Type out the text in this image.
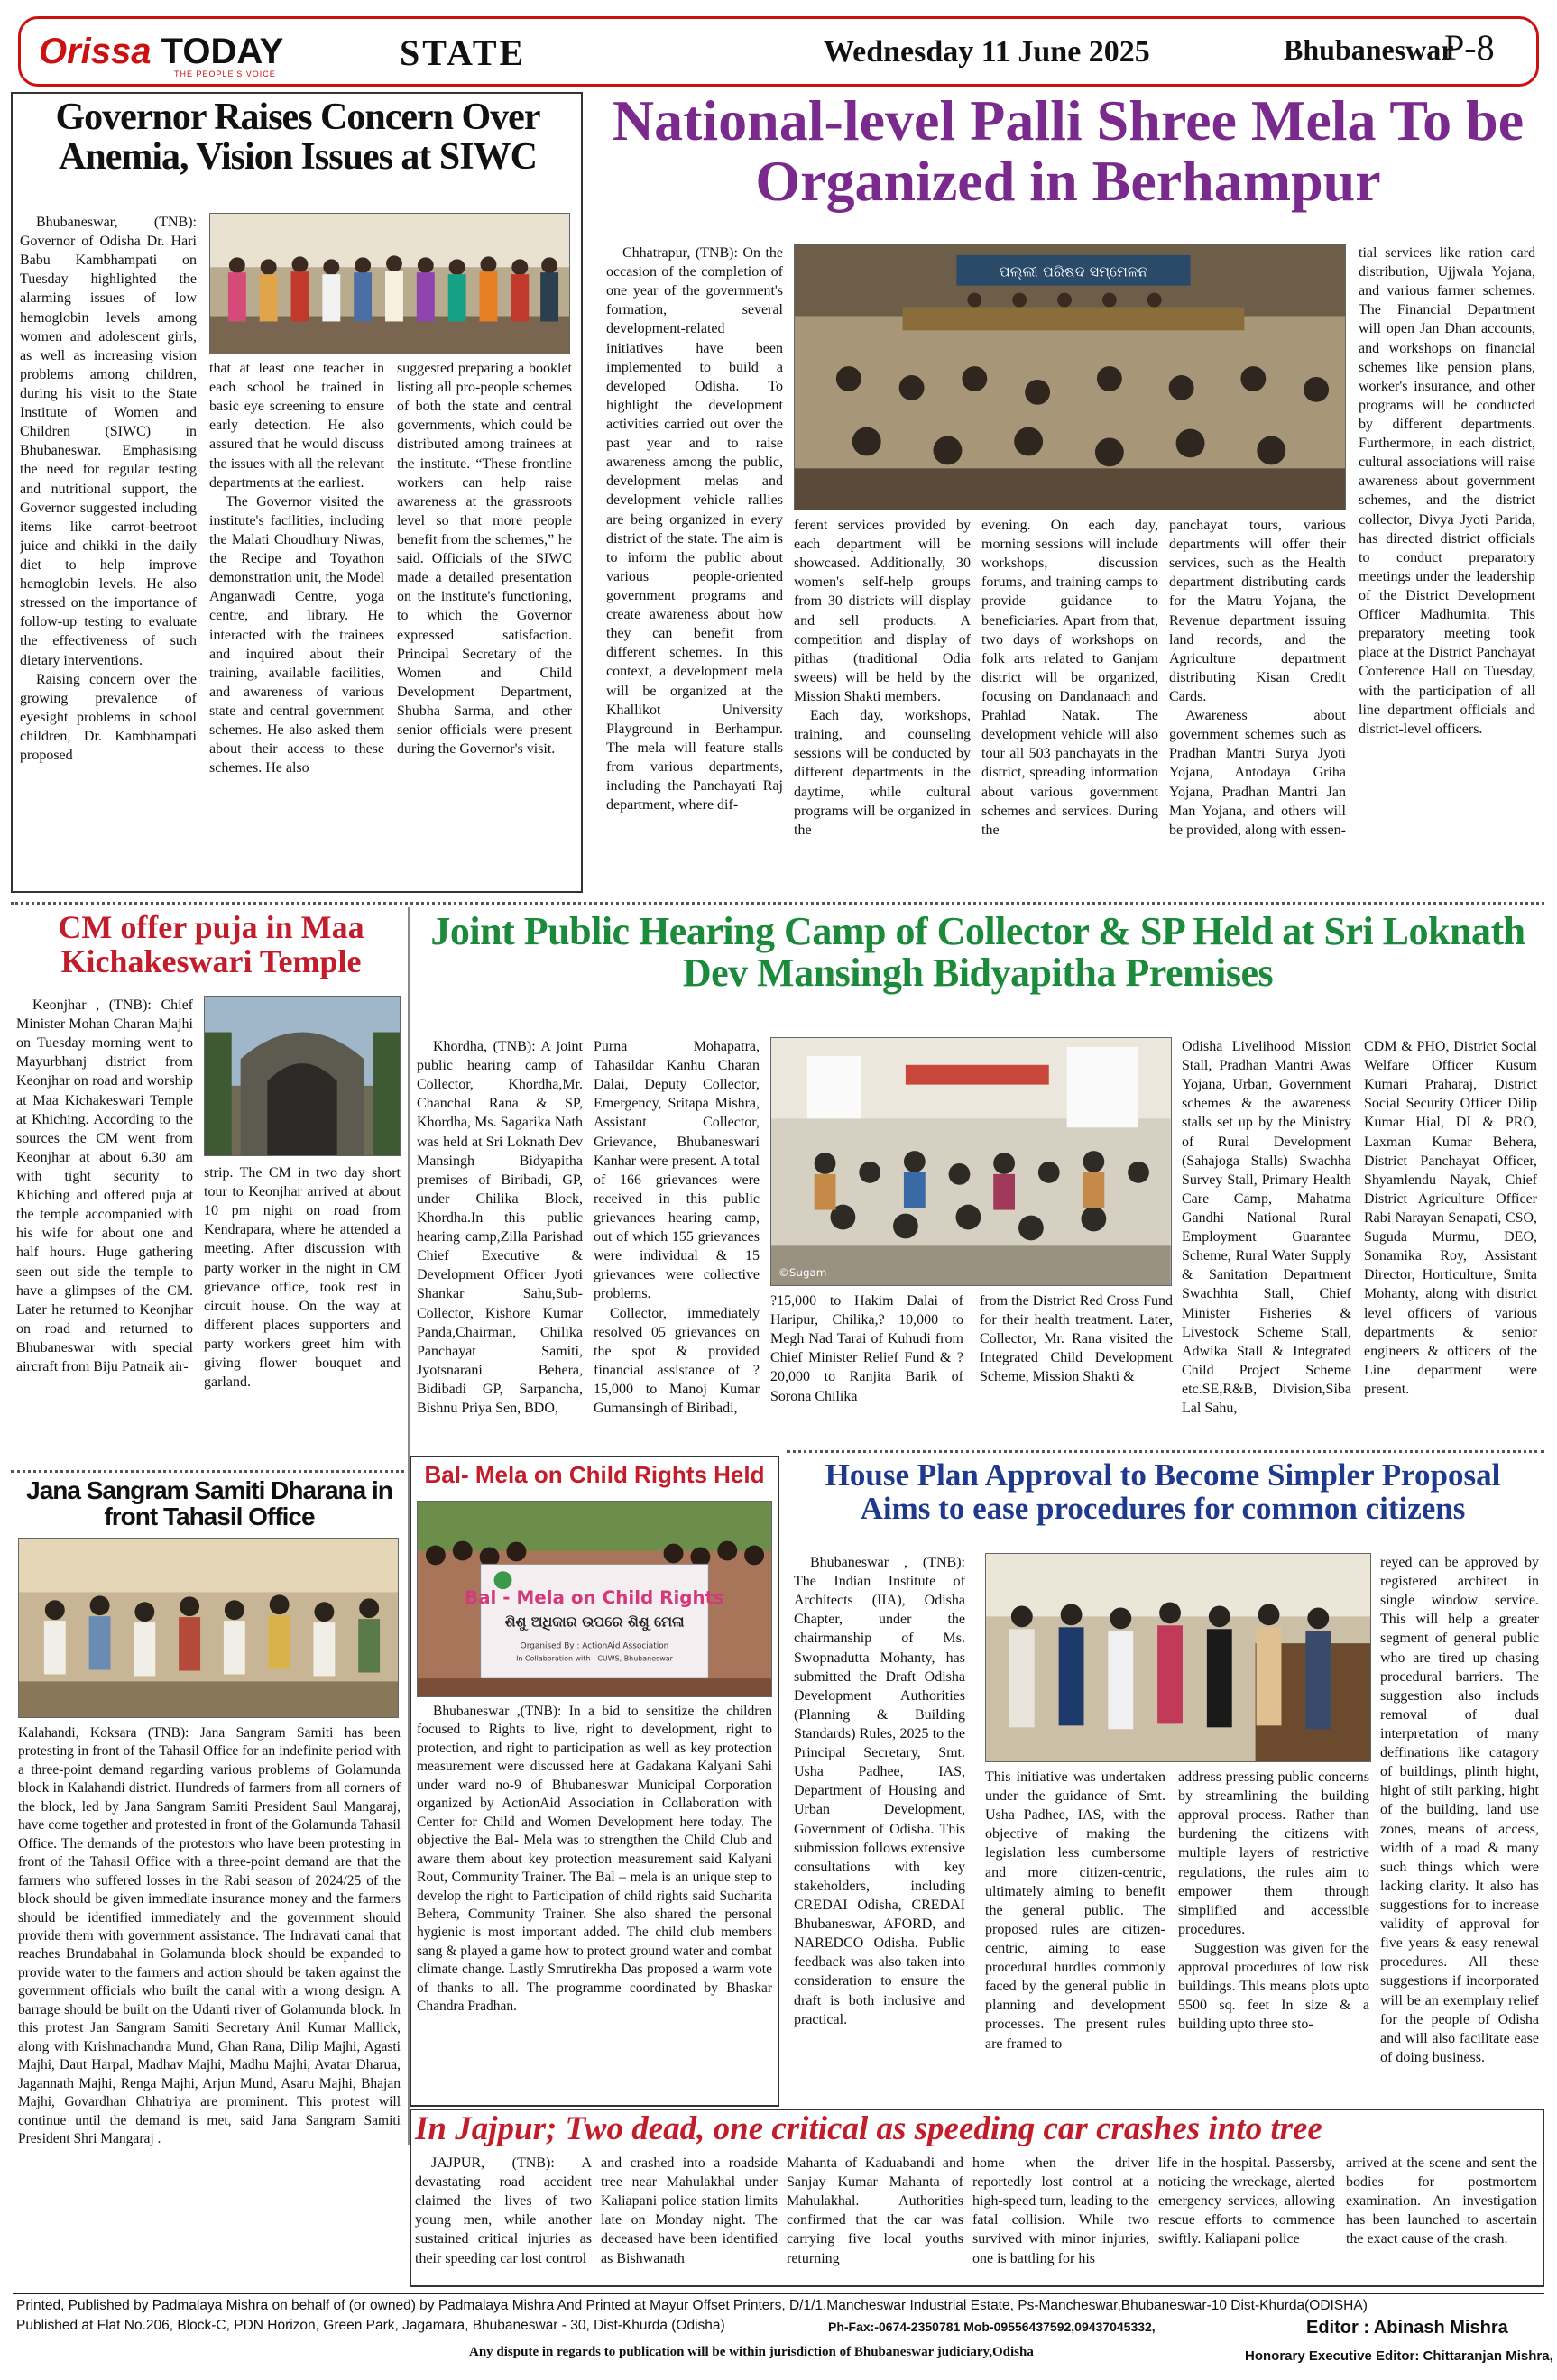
Orissa TODAY
THE PEOPLE'S VOICE
STATE	Wednesday 11 June 2025	Bhubaneswar
P-8
Governor Raises Concern Over Anemia, Vision Issues at SIWC

Bhubaneswar, (TNB): Governor of Odisha Dr. Hari Babu Kambhampati on Tuesday highlighted the alarming issues of low hemoglobin levels among women and adolescent girls, as well as increasing vision problems among children, during his visit to the State Institute of Women and Children (SIWC) in Bhubaneswar. Emphasising the need for regular testing and nutritional support, the Governor suggested including items like carrot-beetroot juice and chikki in the daily diet to help improve hemoglobin levels. He also stressed on the importance of follow-up testing to evaluate the effectiveness of such dietary interventions.

Raising concern over the growing prevalence of eyesight problems in school children, Dr. Kambhampati proposed

that at least one teacher in each school be trained in basic eye screening to ensure early detection. He also assured that he would discuss the issues with all the relevant departments at the earliest.

The Governor visited the institute's facilities, including the Malati Choudhury Niwas, the Recipe and Toyathon demonstration unit, the Model Anganwadi Centre, yoga centre, and library. He interacted with the trainees and inquired about their training, available facilities, and awareness of various state and central government schemes. He also asked them about their access to these schemes. He also

suggested preparing a booklet listing all pro-people schemes of both the state and central governments, which could be distributed among trainees at the institute. “These frontline workers can help raise awareness at the grassroots level so that more people benefit from the schemes,” he said. Officials of the SIWC made a detailed presentation on the institute's functioning, to which the Governor expressed satisfaction. Principal Secretary of the Women and Child Development Department, Shubha Sarma, and other senior officials were present during the Governor's visit.

National-level Palli Shree Mela To be Organized in Berhampur

Chhatrapur, (TNB): On the occasion of the completion of one year of the government's formation, several development-related initiatives have been implemented to build a developed Odisha. To highlight the development activities carried out over the past year and to raise awareness among the public, development melas and development vehicle rallies are being organized in every district of the state. The aim is to inform the public about various people-oriented government programs and create awareness about how they can benefit from different schemes. In this context, a development mela will be organized at the Khallikot University Playground in Berhampur. The mela will feature stalls from various departments, including the Panchayati Raj department, where dif-

ପଲ୍ଲୀ ପରିଷଦ ସମ୍ମେଳନ

ferent services provided by each department will be showcased. Additionally, 30 women's self-help groups from 30 districts will display and sell products. A competition and display of pithas (traditional Odia sweets) will be held by the Mission Shakti members.

Each day, workshops, training, and counseling sessions will be conducted by different departments in the daytime, while cultural programs will be organized in the

evening. On each day, morning sessions will include workshops, discussion forums, and training camps to provide guidance to beneficiaries. Apart from that, two days of workshops on folk arts related to Ganjam district will be organized, focusing on Dandanaach and Prahlad Natak. The development vehicle will also tour all 503 panchayats in the district, spreading information about various government schemes and services. During the

panchayat tours, various departments will offer their services, such as the Health department distributing cards for the Matru Yojana, the Revenue department issuing land records, and the Agriculture department distributing Kisan Credit Cards.

Awareness about government schemes such as Pradhan Mantri Surya Jyoti Yojana, Antodaya Griha Yojana, Pradhan Mantri Jan Man Yojana, and others will be provided, along with essen-

tial services like ration card distribution, Ujjwala Yojana, and various farmer schemes. The Financial Department will open Jan Dhan accounts, and workshops on financial schemes like pension plans, worker's insurance, and other programs will be conducted by different departments. Furthermore, in each district, cultural associations will raise awareness about government schemes, and the district collector, Divya Jyoti Parida, has directed district officials to conduct preparatory meetings under the leadership of the District Development Officer Madhumita. This preparatory meeting took place at the District Panchayat Conference Hall on Tuesday, with the participation of all line department officials and district-level officers.

CM offer puja in Maa Kichakeswari Temple

Keonjhar , (TNB): Chief Minister Mohan Charan Majhi on Tuesday morning went to Mayurbhanj district from Keonjhar on road and worship at Maa Kichakeswari Temple at Khiching. According to the sources the CM went from Keonjhar at about 6.30 am with tight security to Khiching and offered puja at the temple accompanied with his wife for about one and half hours. Huge gathering seen out side the temple to have a glimpses of the CM. Later he returned to Keonjhar on road and returned to Bhubaneswar with special aircraft from Biju Patnaik air-

strip. The CM in two day short tour to Keonjhar arrived at about 10 pm night on road from Kendrapara, where he attended a meeting. After discussion with party worker in the night in CM grievance office, took rest in circuit house. On the way at different places supporters and party workers greet him with giving flower bouquet and garland.

Jana Sangram Samiti Dharana in front Tahasil Office

Kalahandi, Koksara (TNB): Jana Sangram Samiti has been protesting in front of the Tahasil Office for an indefinite period with a three-point demand regarding various problems of Golamunda block in Kalahandi district. Hundreds of farmers from all corners of the block, led by Jana Sangram Samiti President Saul Mangaraj, have come together and protested in front of the Golamunda Tahasil Office. The demands of the protestors who have been protesting in front of the Tahasil Office with a three-point demand are that the farmers who suffered losses in the Rabi season of 2024/25 of the block should be given immediate insurance money and the farmers should be identified immediately and the government should provide them with government assistance. The Indravati canal that reaches Brundabahal in Golamunda block should be expanded to provide water to the farmers and action should be taken against the government officials who built the canal with a wrong design. A barrage should be built on the Udanti river of Golamunda block. In this protest Jan Sangram Samiti Secretary Anil Kumar Mallick, along with Krishnachandra Mund, Ghan Rana, Dilip Majhi, Agasti Majhi, Daut Harpal, Madhav Majhi, Madhu Majhi, Avatar Dharua, Jagannath Majhi, Renga Majhi, Arjun Mund, Asaru Majhi, Bhajan Majhi, Govardhan Chhatriya are prominent. This protest will continue until the demand is met, said Jana Sangram Samiti President Shri Mangaraj .

Joint Public Hearing Camp of Collector & SP Held at Sri Loknath Dev Mansingh Bidyapitha Premises

Khordha, (TNB): A joint public hearing camp of Collector, Khordha,Mr. Chanchal Rana & SP, Khordha, Ms. Sagarika Nath was held at Sri Loknath Dev Mansingh Bidyapitha premises of Biribadi, GP, under Chilika Block, Khordha.In this public hearing camp,Zilla Parishad Chief Executive & Development Officer Jyoti Shankar Sahu,Sub-Collector, Kishore Kumar Panda,Chairman, Chilika Panchayat Samiti, Jyotsnarani Behera, Bidibadi GP, Sarpancha, Bishnu Priya Sen, BDO,

Purna Mohapatra, Tahasildar Kanhu Charan Dalai, Deputy Collector, Emergency, Sritapa Mishra, Assistant Collector, Grievance, Bhubaneswari Kanhar were present. A total of 166 grievances were received in this public grievances hearing camp, out of which 155 grievances were individual & 15 grievances were collective problems.

Collector, immediately resolved 05 grievances on the spot & provided financial assistance of ?15,000 to Manoj Kumar Gumansingh of Biribadi,

©Sugam

?15,000 to Hakim Dalai of Haripur, Chilika,? 10,000 to Megh Nad Tarai of Kuhudi from Chief Minister Relief Fund & ?20,000 to Ranjita Barik of Sorona Chilika

from the District Red Cross Fund for their health treatment. Later, Collector, Mr. Rana visited the Integrated Child Development Scheme, Mission Shakti &

Odisha Livelihood Mission Stall, Pradhan Mantri Awas Yojana, Urban, Government schemes & the awareness stalls set up by the Ministry of Rural Development (Sahajoga Stalls) Swachha Survey Stall, Primary Health Care Camp, Mahatma Gandhi National Rural Employment Guarantee Scheme, Rural Water Supply & Sanitation Department Swachhta Stall, Chief Minister Fisheries & Livestock Scheme Stall, Adwika Stall & Integrated Child Project Scheme etc.SE,R&B, Division,Siba Lal Sahu,

CDM & PHO, District Social Welfare Officer Kusum Kumari Praharaj, District Social Security Officer Dilip Kumar Hial, DI & PRO, Laxman Kumar Behera, District Panchayat Officer, Shyamlendu Nayak, Chief District Agriculture Officer Rabi Narayan Senapati, CSO, Suguda Murmu, DEO, Sonamika Roy, Assistant Director, Horticulture, Smita Mohanty, along with district level officers of various departments & senior engineers & officers of the Line department were present.

Bal- Mela on Child Rights Held
Bal - Mela on Child Rights
ଶିଶୁ ଅଧିକାର ଉପରେ ଶିଶୁ ମେଳା
Organised By : ActionAid Association
In Collaboration with - CUWS, Bhubaneswar

Bhubaneswar ,(TNB): In a bid to sensitize the children focused to Rights to live, right to development, right to protection, and right to participation as well as key protection measurement were discussed here at Gadakana Kalyani Sahi under ward no-9 of Bhubaneswar Municipal Corporation organized by ActionAid Association in Collaboration with Center for Child and Women Development here today. The objective the Bal- Mela was to strengthen the Child Club and aware them about key protection measurement said Kalyani Rout, Community Trainer. The Bal – mela is an unique step to develop the right to Participation of child rights said Sucharita Behera, Community Trainer. She also shared the personal hygienic is most important added. The child club members sang & played a game how to protect ground water and combat climate change. Lastly Smrutirekha Das proposed a warm vote of thanks to all. The programme coordinated by Bhaskar Chandra Pradhan.

House Plan Approval to Become Simpler Proposal Aims to ease procedures for common citizens

Bhubaneswar , (TNB): The Indian Institute of Architects (IIA), Odisha Chapter, under the chairmanship of Ms. Swopnadutta Mohanty, has submitted the Draft Odisha Development Authorities (Planning & Building Standards) Rules, 2025 to the Principal Secretary, Smt. Usha Padhee, IAS, Department of Housing and Urban Development, Government of Odisha. This submission follows extensive consultations with key stakeholders, including CREDAI Odisha, CREDAI Bhubaneswar, AFORD, and NAREDCO Odisha. Public feedback was also taken into consideration to ensure the draft is both inclusive and practical.

This initiative was undertaken under the guidance of Smt. Usha Padhee, IAS, with the objective of making the legislation less cumbersome and more citizen-centric, ultimately aiming to benefit the general public. The proposed rules are citizen-centric, aiming to ease procedural hurdles commonly faced by the general public in planning and development processes. The present rules are framed to

address pressing public concerns by streamlining the building approval process. Rather than burdening the citizens with multiple layers of restrictive regulations, the rules aim to empower them through simplified and accessible procedures.

Suggestion was given for the approval procedures of low risk buildings. This means plots upto 5500 sq. feet In size & a building upto three sto-

reyed can be approved by registered architect in single window service. This will help a greater segment of general public who are tired up chasing procedural barriers. The suggestion also includs removal of dual interpretation of many deffinations like catagory of buildings, plinth hight, hight of stilt parking, hight of the building, land use zones, means of access, width of a road & many such things which were lacking clarity. It also has suggestions for to increase validity of approval for five years & easy renewal procedures. All these suggestions if incorporated will be an exemplary relief for the people of Odisha and will also facilitate ease of doing business.

In Jajpur; Two dead, one critical as speeding car crashes into tree

JAJPUR, (TNB): A devastating road accident claimed the lives of two young men, while another sustained critical injuries as their speeding car lost control

and crashed into a roadside tree near Mahulakhal under Kaliapani police station limits late on Monday night. The deceased have been identified as Bishwanath

Mahanta of Kaduabandi and Sanjay Kumar Mahanta of Mahulakhal. Authorities confirmed that the car was carrying five local youths returning

home when the driver reportedly lost control at a high-speed turn, leading to the fatal collision. While two survived with minor injuries, one is battling for his

life in the hospital. Passersby, noticing the wreckage, alerted emergency services, allowing rescue efforts to commence swiftly. Kaliapani police

arrived at the scene and sent the bodies for postmortem examination. An investigation has been launched to ascertain the exact cause of the crash.

Printed, Published by Padmalaya Mishra on behalf of (or owned) by Padmalaya Mishra And Printed at Mayur Offset Printers, D/1/1,Mancheswar Industrial Estate, Ps-Mancheswar,Bhubaneswar-10 Dist-Khurda(ODISHA)
Published at Flat No.206, Block-C, PDN Horizon, Green Park, Jagamara, Bhubaneswar - 30, Dist-Khurda (Odisha)	Ph-Fax:-0674-2350781 Mob-09556437592,09437045332,	Editor : Abinash Mishra
Any dispute in regards to publication will be within jurisdiction of Bhubaneswar judiciary,Odisha	Honorary Executive Editor: Chittaranjan Mishra,
